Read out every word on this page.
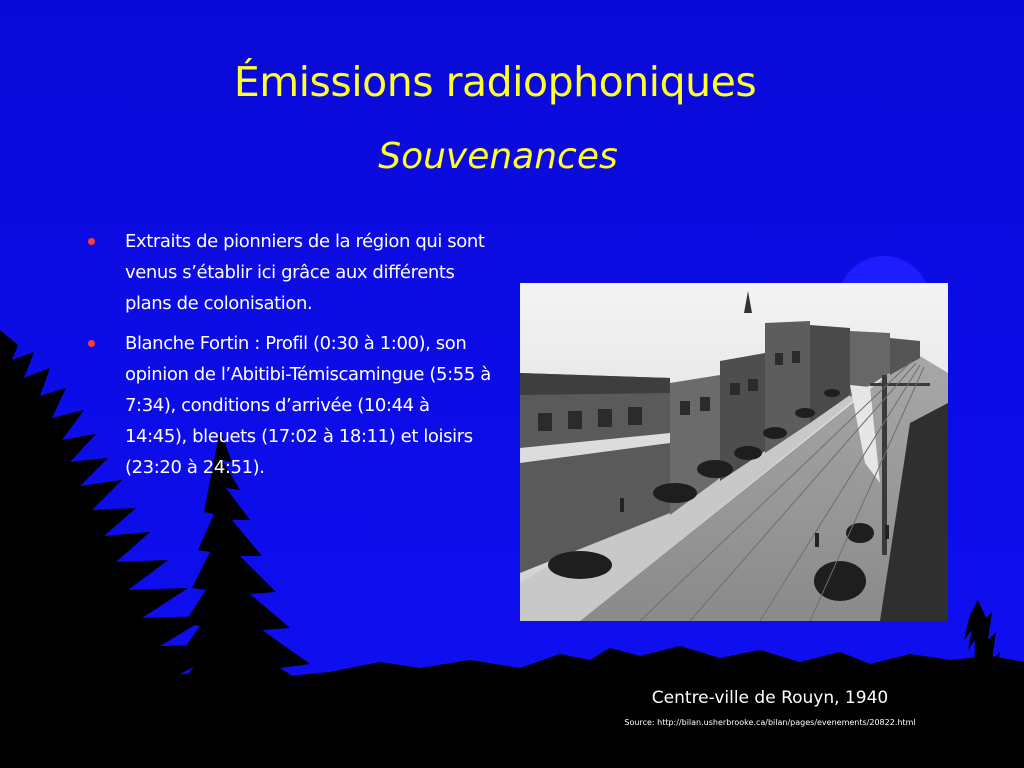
Émissions radiophoniques
Souvenances
Extraits de pionniers de la région qui sont venus s’établir ici grâce aux différents plans de colonisation.
Blanche Fortin : Profil (0:30 à 1:00), son opinion de l’Abitibi-Témiscamingue (5:55 à 7:34), conditions d’arrivée (10:44 à 14:45), bleuets (17:02 à 18:11) et loisirs (23:20 à 24:51).
Centre-ville de Rouyn, 1940
Source: http://bilan.usherbrooke.ca/bilan/pages/evenements/20822.html
